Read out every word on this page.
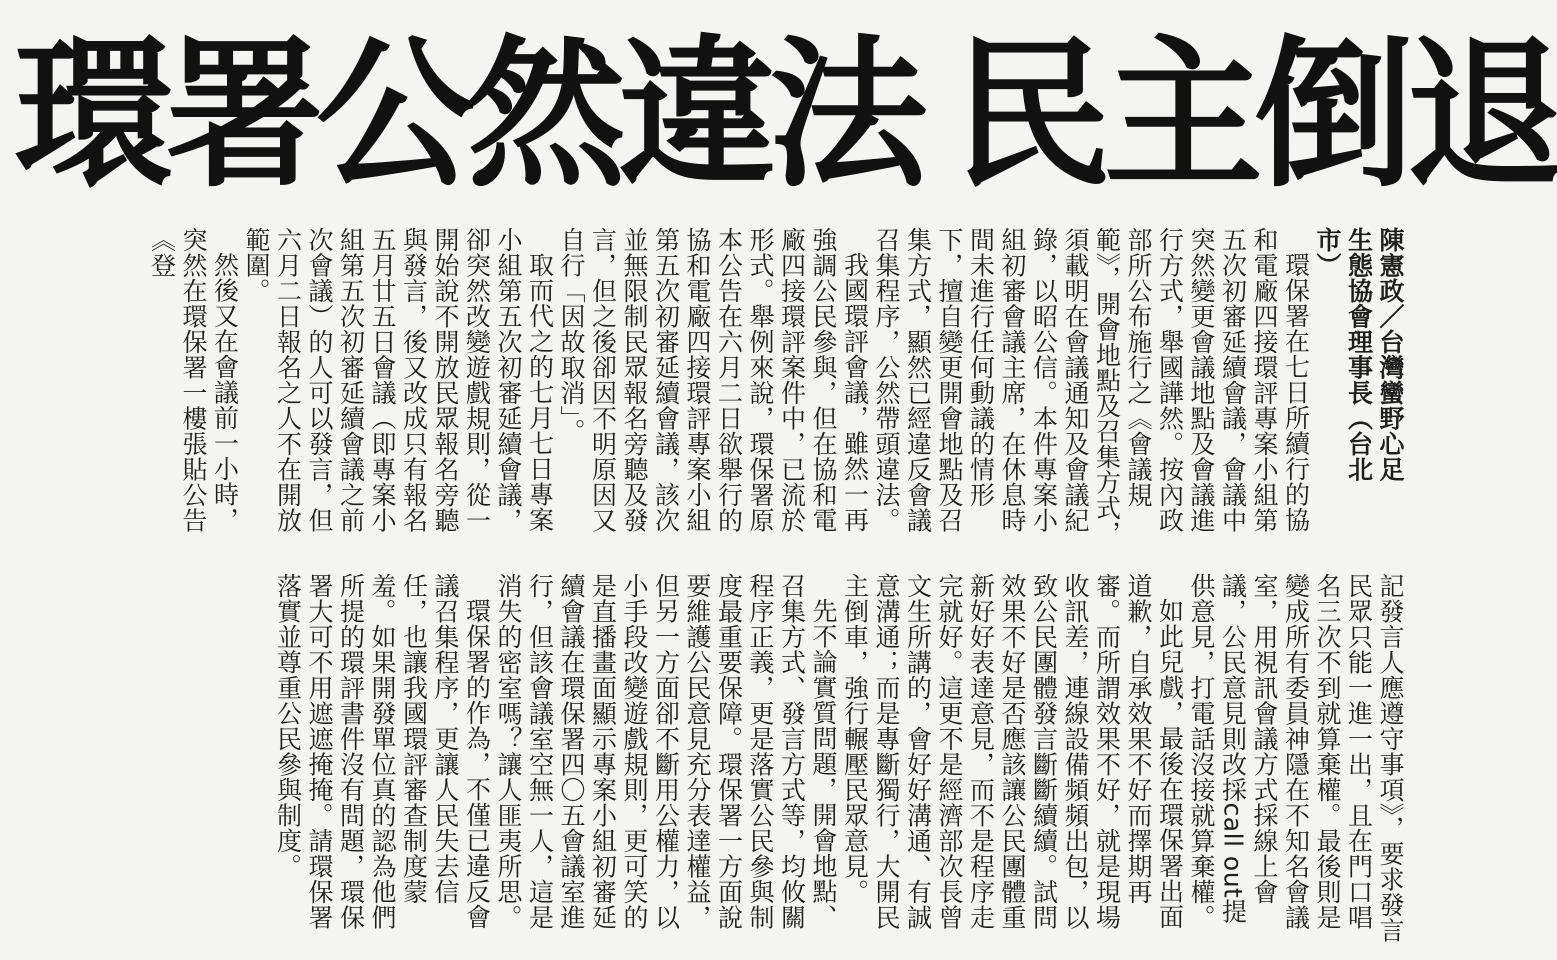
環署公然違法 民主倒退

陳憲政／台灣蠻野心足

生態協會理事長（台北

市）

環保署在七日所續行的協和電廠四接環評專案小組第五次初審延續會議，會議中突然變更會議地點及會議進行方式，舉國譁然。按內政部所公布施行之《會議規範》，開會地點及召集方式，須載明在會議通知及會議紀錄，以昭公信。本件專案小組初審會議主席，在休息時間未進行任何動議的情形下，擅自變更開會地點及召集方式，顯然已經違反會議召集程序，公然帶頭違法。

我國環評會議，雖然一再強調公民參與，但在協和電廠四接環評案件中，已流於形式。舉例來說，環保署原本公告在六月二日欲舉行的協和電廠四接環評專案小組第五次初審延續會議，該次並無限制民眾報名旁聽及發言，但之後卻因不明原因又自行「因故取消」。

取而代之的七月七日專案小組第五次初審延續會議，卻突然改變遊戲規則，從一開始說不開放民眾報名旁聽與發言，後又改成只有報名五月廿五日會議（即專案小組第五次初審延續會議之前次會議）的人可以發言，但六月二日報名之人不在開放範圍。

然後又在會議前一小時，突然在環保署一樓張貼公告《登

記發言人應遵守事項》，要求發言民眾只能一進一出，且在門口唱名三次不到就算棄權。最後則是變成所有委員神隱在不知名會議室，用視訊會議方式採線上會議，公民意見則改採call out提供意見，打電話沒接就算棄權。

如此兒戲，最後在環保署出面道歉，自承效果不好而擇期再審。而所謂效果不好，就是現場收訊差，連線設備頻頻出包，以致公民團體發言斷斷續續。試問效果不好是否應該讓公民團體重新好好表達意見，而不是程序走完就好。這更不是經濟部次長曾文生所講的，會好好溝通、有誠意溝通；而是專斷獨行，大開民主倒車，強行輾壓民眾意見。

先不論實質問題，開會地點、召集方式、發言方式等，均攸關程序正義，更是落實公民參與制度最重要保障。環保署一方面說要維護公民意見充分表達權益，但另一方面卻不斷用公權力，以小手段改變遊戲規則，更可笑的是直播畫面顯示專案小組初審延續會議在環保署四〇五會議室進行，但該會議室空無一人，這是消失的密室嗎？讓人匪夷所思。

環保署的作為，不僅已違反會議召集程序，更讓人民失去信任，也讓我國環評審查制度蒙羞。如果開發單位真的認為他們所提的環評書件沒有問題，環保署大可不用遮遮掩掩。請環保署落實並尊重公民參與制度。
